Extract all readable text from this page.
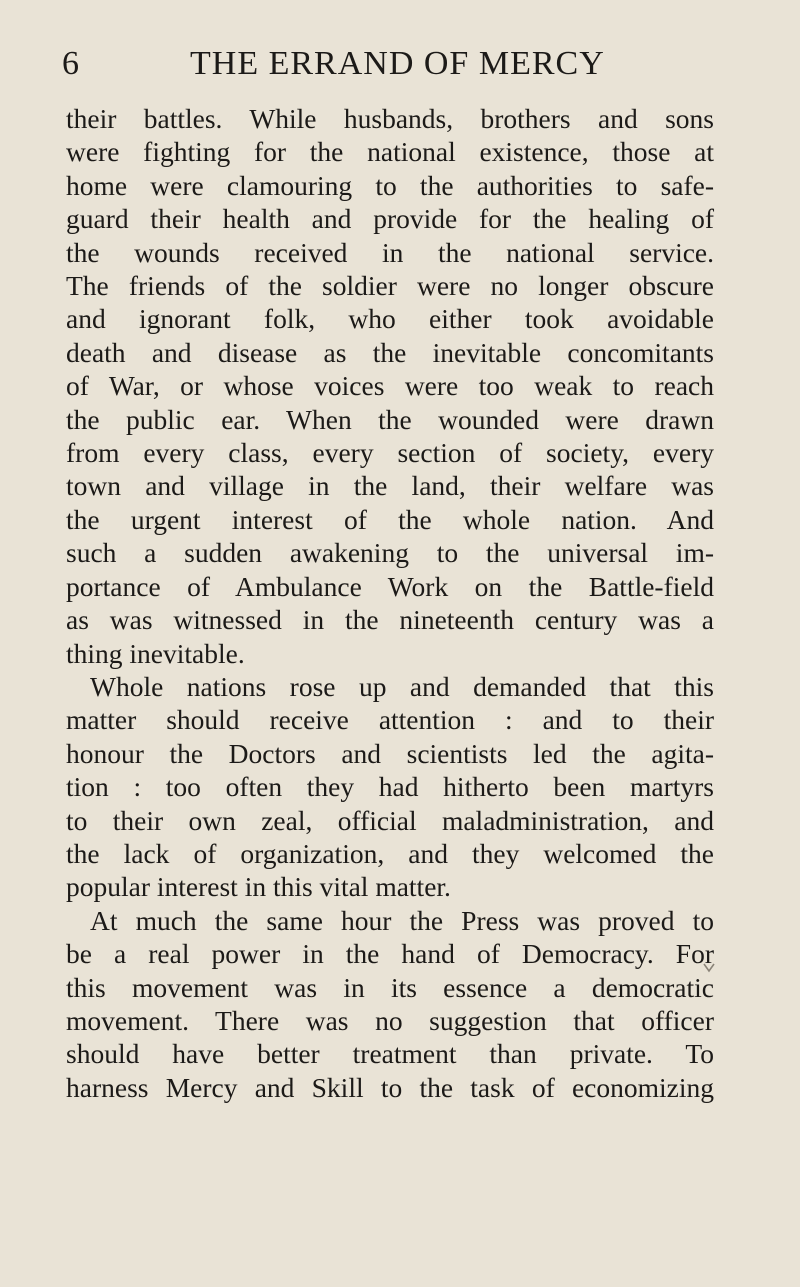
6	THE ERRAND OF MERCY
their battles. While husbands, brothers and sons
were fighting for the national existence, those at
home were clamouring to the authorities to safe-
guard their health and provide for the healing of
the wounds received in the national service.
The friends of the soldier were no longer obscure
and ignorant folk, who either took avoidable
death and disease as the inevitable concomitants
of War, or whose voices were too weak to reach
the public ear. When the wounded were drawn
from every class, every section of society, every
town and village in the land, their welfare was
the urgent interest of the whole nation. And
such a sudden awakening to the universal im-
portance of Ambulance Work on the Battle-field
as was witnessed in the nineteenth century was a
thing inevitable.
Whole nations rose up and demanded that this
matter should receive attention : and to their
honour the Doctors and scientists led the agita-
tion : too often they had hitherto been martyrs
to their own zeal, official maladministration, and
the lack of organization, and they welcomed the
popular interest in this vital matter.
At much the same hour the Press was proved to
be a real power in the hand of Democracy. For
this movement was in its essence a democratic
movement. There was no suggestion that officer
should have better treatment than private. To
harness Mercy and Skill to the task of economizing
